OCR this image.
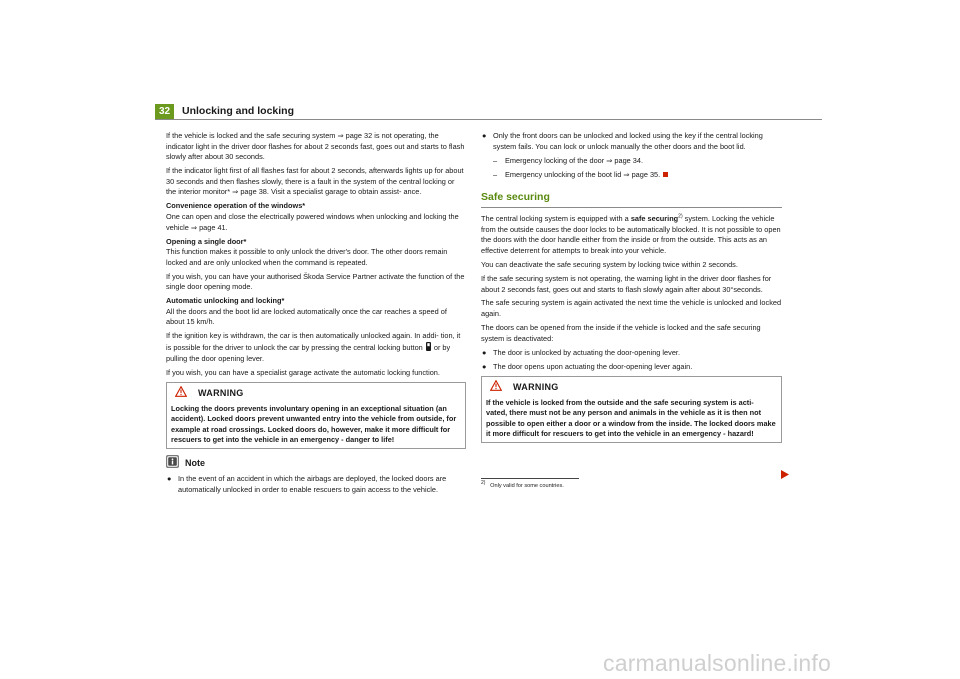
32	Unlocking and locking

If the vehicle is locked and the safe securing system ⇒ page 32 is not operating, the indicator light in the driver door flashes for about 2 seconds fast, goes out and starts to flash slowly after about 30 seconds.

If the indicator light first of all flashes fast for about 2 seconds, afterwards lights up for about 30 seconds and then flashes slowly, there is a fault in the system of the central locking or the interior monitor* ⇒ page 38. Visit a specialist garage to obtain assist- ance.

Convenience operation of the windows*

One can open and close the electrically powered windows when unlocking and locking the vehicle ⇒ page 41.

Opening a single door*

This function makes it possible to only unlock the driver's door. The other doors remain locked and are only unlocked when the command is repeated.

If you wish, you can have your authorised Škoda Service Partner activate the function of the single door opening mode.

Automatic unlocking and locking*

All the doors and the boot lid are locked automatically once the car reaches a speed of about 15 km/h.

If the ignition key is withdrawn, the car is then automatically unlocked again. In addi- tion, it is possible for the driver to unlock the car by pressing the central locking button  or by pulling the door opening lever.

If you wish, you can have a specialist garage activate the automatic locking function.

WARNING
Locking the doors prevents involuntary opening in an exceptional situation (an accident). Locked doors prevent unwanted entry into the vehicle from outside, for example at road crossings. Locked doors do, however, make it more difficult for rescuers to get into the vehicle in an emergency - danger to life!
Note

● In the event of an accident in which the airbags are deployed, the locked doors are automatically unlocked in order to enable rescuers to gain access to the vehicle.

● Only the front doors can be unlocked and locked using the key if the central locking system fails. You can lock or unlock manually the other doors and the boot lid.

– Emergency locking of the door ⇒ page 34.

– Emergency unlocking of the boot lid ⇒ page 35.

Safe securing

The central locking system is equipped with a safe securing$^{2)}$ system. Locking the vehicle from the outside causes the door locks to be automatically blocked. It is not possible to open the doors with the door handle either from the inside or from the outside. This acts as an effective deterrent for attempts to break into your vehicle.

You can deactivate the safe securing system by locking twice within 2 seconds.

If the safe securing system is not operating, the warning light in the driver door flashes for about 2 seconds fast, goes out and starts to flash slowly again after about 30°seconds.

The safe securing system is again activated the next time the vehicle is unlocked and locked again.

The doors can be opened from the inside if the vehicle is locked and the safe securing system is deactivated:

● The door is unlocked by actuating the door-opening lever.

● The door opens upon actuating the door-opening lever again.

WARNING
If the vehicle is locked from the outside and the safe securing system is acti- vated, there must not be any person and animals in the vehicle as it is then not possible to open either a door or a window from the inside. The locked doors make it more difficult for rescuers to get into the vehicle in an emergency - hazard!
$^{2)}$ Only valid for some countries.
carmanualsonline.info
